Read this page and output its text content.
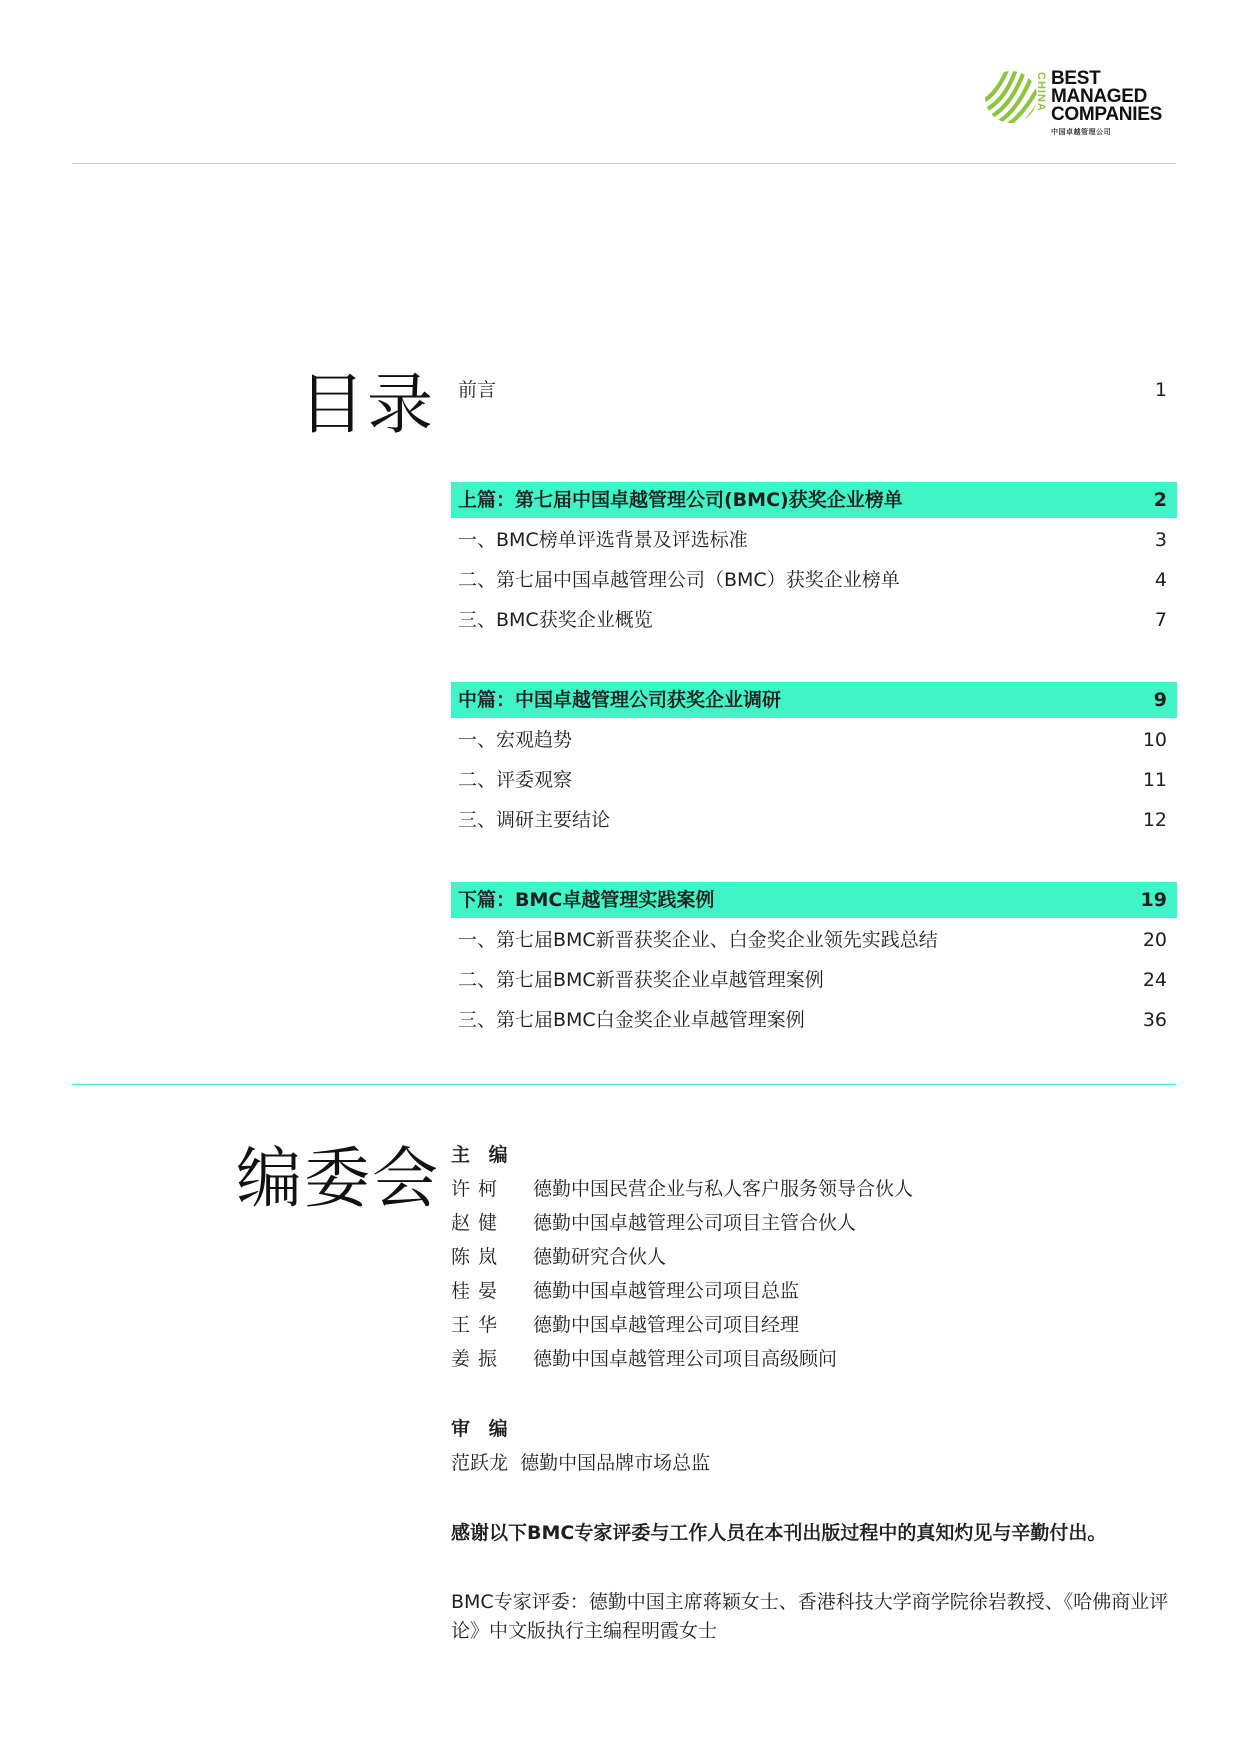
CHINA BEST
MANAGED
COMPANIES
中国卓越管理公司
目录 前言	1
上篇：第七届中国卓越管理公司(BMC)获奖企业榜单	2
一、BMC榜单评选背景及评选标准	3
二、第七届中国卓越管理公司（BMC）获奖企业榜单	4
三、BMC获奖企业概览	7
中篇：中国卓越管理公司获奖企业调研	9
一、宏观趋势	10
二、评委观察	11
三、调研主要结论	12
下篇：BMC卓越管理实践案例	19
一、第七届BMC新晋获奖企业、白金奖企业领先实践总结	20
二、第七届BMC新晋获奖企业卓越管理案例	24
三、第七届BMC白金奖企业卓越管理案例	36
编委会 主 编
许柯 德勤中国民营企业与私人客户服务领导合伙人
赵健 德勤中国卓越管理公司项目主管合伙人
陈岚 德勤研究合伙人
桂晏 德勤中国卓越管理公司项目总监
王华 德勤中国卓越管理公司项目经理
姜振 德勤中国卓越管理公司项目高级顾问
审 编
范跃龙 德勤中国品牌市场总监
感谢以下BMC专家评委与工作人员在本刊出版过程中的真知灼见与辛勤付出。
BMC专家评委：德勤中国主席蒋颖女士、香港科技大学商学院徐岩教授、《哈佛商业评论》中文版执行主编程明霞女士
